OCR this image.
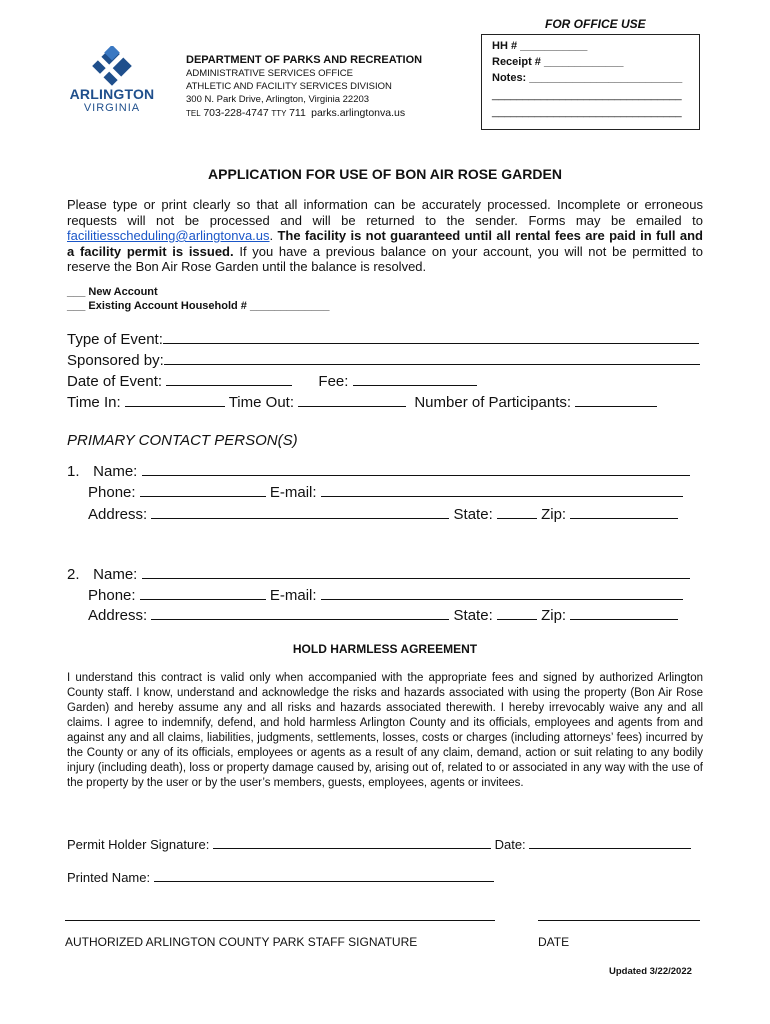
FOR OFFICE USE
HH # ___________
Receipt # _____________
Notes: _________________________
_______________________________
_______________________________
ARLINGTON
VIRGINIA
DEPARTMENT OF PARKS AND RECREATION
ADMINISTRATIVE SERVICES OFFICE
ATHLETIC AND FACILITY SERVICES DIVISION
300 N. Park Drive, Arlington, Virginia 22203
TEL 703-228-4747 TTY 711 parks.arlingtonva.us
APPLICATION FOR USE OF BON AIR ROSE GARDEN
Please type or print clearly so that all information can be accurately processed. Incomplete or erroneous requests will not be processed and will be returned to the sender. Forms may be emailed to facilitiesscheduling@arlingtonva.us. The facility is not guaranteed until all rental fees are paid in full and a facility permit is issued. If you have a previous balance on your account, you will not be permitted to reserve the Bon Air Rose Garden until the balance is resolved.
___ New Account
___ Existing Account Household # _____________
Type of Event:
Sponsored by:
Date of Event:	Fee:
Time In:	Time Out:	Number of Participants:
PRIMARY CONTACT PERSON(S)
1. Name:
Phone:	E-mail:
Address:	State:	Zip:
2. Name:
Phone:	E-mail:
Address:	State:	Zip:
HOLD HARMLESS AGREEMENT
I understand this contract is valid only when accompanied with the appropriate fees and signed by authorized Arlington County staff. I know, understand and acknowledge the risks and hazards associated with using the property (Bon Air Rose Garden) and hereby assume any and all risks and hazards associated therewith. I hereby irrevocably waive any and all claims. I agree to indemnify, defend, and hold harmless Arlington County and its officials, employees and agents from and against any and all claims, liabilities, judgments, settlements, losses, costs or charges (including attorneys’ fees) incurred by the County or any of its officials, employees or agents as a result of any claim, demand, action or suit relating to any bodily injury (including death), loss or property damage caused by, arising out of, related to or associated in any way with the use of the property by the user or by the user’s members, guests, employees, agents or invitees.
Permit Holder Signature:	Date:
Printed Name:
AUTHORIZED ARLINGTON COUNTY PARK STAFF SIGNATURE	DATE
Updated 3/22/2022
